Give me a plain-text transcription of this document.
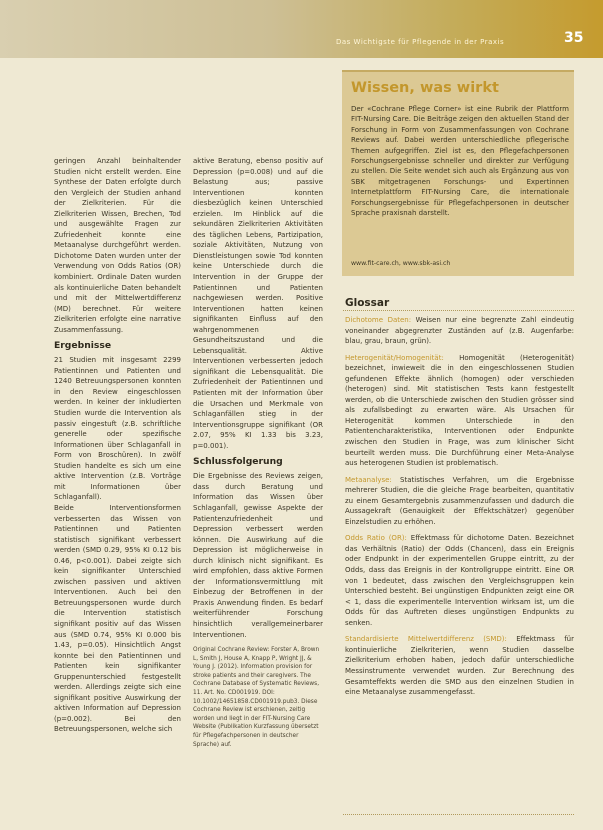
Das Wichtigste für Pflegende in der Praxis	35

geringen Anzahl beinhaltender Studien nicht erstellt werden. Eine Synthese der Daten erfolgte durch den Vergleich der Studien anhand der Zielkriterien. Für die Zielkriterien Wissen, Brechen, Tod und ausgewählte Fragen zur Zufriedenheit konnte eine Metaanalyse durchgeführt werden. Dichotome Daten wurden unter der Verwendung von Odds Ratios (OR) kombiniert. Ordinale Daten wurden als kontinuierliche Daten behandelt und mit der Mittelwertdifferenz (MD) berechnet. Für weitere Zielkriterien erfolgte eine narrative Zusammenfassung.

Ergebnisse

21 Studien mit insgesamt 2299 Patientinnen und Patienten und 1240 Betreuungspersonen konnten in den Review eingeschlossen werden. In keiner der inkludierten Studien wurde die Intervention als passiv eingestuft (z.B. schriftliche generelle oder spezifische Informationen über Schlaganfall in Form von Broschüren). In zwölf Studien handelte es sich um eine aktive Intervention (z.B. Vorträge mit Informationen über Schlaganfall).

Beide Interventionsformen verbesserten das Wissen von Patientinnen und Patienten statistisch signifikant verbessert werden (SMD 0.29, 95% KI 0.12 bis 0.46, p<0.001). Dabei zeigte sich kein signifikanter Unterschied zwischen passiven und aktiven Interventionen. Auch bei den Betreuungspersonen wurde durch die Intervention statistisch signifikant positiv auf das Wissen aus (SMD 0.74, 95% KI 0.000 bis 1.43, p=0.05). Hinsichtlich Angst konnte bei den Patientinnen und Patienten kein signifikanter Gruppenunterschied festgestellt werden. Allerdings zeigte sich eine signifikant positive Auswirkung der aktiven Information auf Depression (p=0.002). Bei den Betreuungspersonen, welche sich

aktive Beratung, ebenso positiv auf Depression (p=0.008) und auf die Belastung aus; passive Interventionen konnten diesbezüglich keinen Unterschied erzielen. Im Hinblick auf die sekundären Zielkriterien Aktivitäten des täglichen Lebens, Partizipation, soziale Aktivitäten, Nutzung von Dienstleistungen sowie Tod konnten keine Unterschiede durch die Intervention in der Gruppe der Patientinnen und Patienten nachgewiesen werden. Positive Interventionen hatten keinen signifikanten Einfluss auf den wahrgenommenen Gesundheitszustand und die Lebensqualität. Aktive Interventionen verbesserten jedoch signifikant die Lebensqualität. Die Zufriedenheit der Patientinnen und Patienten mit der Information über die Ursachen und Merkmale von Schlaganfällen stieg in der Interventionsgruppe signifikant (OR 2.07, 95% KI 1.33 bis 3.23, p=0.001).

Schlussfolgerung

Die Ergebnisse des Reviews zeigen, dass durch Beratung und Information das Wissen über Schlaganfall, gewisse Aspekte der Patientenzufriedenheit und Depression verbessert werden können. Die Auswirkung auf die Depression ist möglicherweise in durch klinisch nicht signifikant. Es wird empfohlen, dass aktive Formen der Informationsvermittlung mit Einbezug der Betroffenen in der Praxis Anwendung finden. Es bedarf weiterführender Forschung hinsichtlich verallgemeinerbarer Interventionen.

Original Cochrane Review: Forster A, Brown L, Smith J, House A, Knapp P, Wright JJ, & Young J. (2012). Information provision for stroke patients and their caregivers. The Cochrane Database of Systematic Reviews, 11. Art. No. CD001919. DOI: 10.1002/14651858.CD001919.pub3. Diese Cochrane Review ist erschienen, zeitig worden und liegt in der FIT-Nursing Care Website (Publikation Kurzfassung übersetzt für Pflegefachpersonen in deutscher Sprache) auf.

Wissen, was wirkt

Der «Cochrane Pflege Corner» ist eine Rubrik der Plattform FIT-Nursing Care. Die Beiträge zeigen den aktuellen Stand der Forschung in Form von Zusammenfassungen von Cochrane Reviews auf. Dabei werden unterschiedliche pflegerische Themen aufgegriffen. Ziel ist es, den Pflegefachpersonen Forschungsergebnisse schneller und direkter zur Verfügung zu stellen. Die Seite wendet sich auch als Ergänzung aus von SBK mitgetragenen Forschungs- und Expertinnen Internetplattform FIT-Nursing Care, die internationale Forschungsergebnisse für Pflegefachpersonen in deutscher Sprache praxisnah darstellt.

www.fit-care.ch, www.sbk-asi.ch

Glossar

Dichotome Daten: Weisen nur eine begrenzte Zahl eindeutig voneinander abgegrenzter Zuständen auf (z.B. Augenfarbe: blau, grau, braun, grün).

Heterogenität/Homogenität: Homogenität (Heterogenität) bezeichnet, inwieweit die in den eingeschlossenen Studien gefundenen Effekte ähnlich (homogen) oder verschieden (heterogen) sind. Mit statistischen Tests kann festgestellt werden, ob die Unterschiede zwischen den Studien grösser sind als zufallsbedingt zu erwarten wäre. Als Ursachen für Heterogenität kommen Unterschiede in den Patientencharakteristika, Interventionen oder Endpunkte zwischen den Studien in Frage, was zum klinischer Sicht beurteilt werden muss. Die Durchführung einer Meta-Analyse aus heterogenen Studien ist problematisch.

Metaanalyse: Statistisches Verfahren, um die Ergebnisse mehrerer Studien, die die gleiche Frage bearbeiten, quantitativ zu einem Gesamtergebnis zusammenzufassen und dadurch die Aussagekraft (Genauigkeit der Effektschätzer) gegenüber Einzelstudien zu erhöhen.

Odds Ratio (OR): Effektmass für dichotome Daten. Bezeichnet das Verhältnis (Ratio) der Odds (Chancen), dass ein Ereignis oder Endpunkt in der experimentellen Gruppe eintritt, zu der Odds, dass das Ereignis in der Kontrollgruppe eintritt. Eine OR von 1 bedeutet, dass zwischen den Vergleichsgruppen kein Unterschied besteht. Bei ungünstigen Endpunkten zeigt eine OR < 1, dass die experimentelle Intervention wirksam ist, um die Odds für das Auftreten dieses ungünstigen Endpunkts zu senken.

Standardisierte Mittelwertdifferenz (SMD): Effektmass für kontinuierliche Zielkriterien, wenn Studien dasselbe Zielkriterium erhoben haben, jedoch dafür unterschiedliche Messinstrumente verwendet wurden. Zur Berechnung des Gesamteffekts werden die SMD aus den einzelnen Studien in eine Metaanalyse zusammengefasst.
